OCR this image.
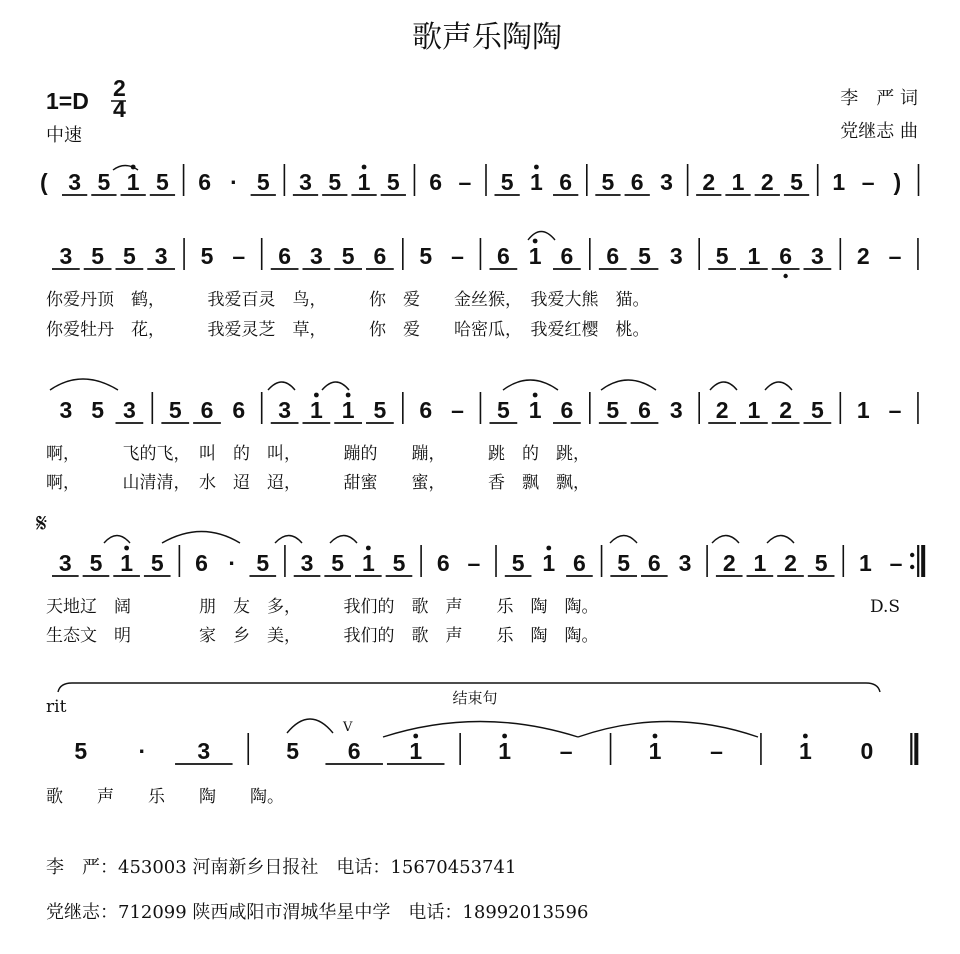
歌声乐陶陶
1=D 2
4
中速
李　严 词
党继志 曲
( 3 5 1 5 6 · 5 3 5 1 5 6 – 5 1 6 5 6 3 2 1 2 5 1 – )
3 5 5 3 5 – 6 3 5 6 5 – 6 1 6 6 5 3 5 1 6 3 2 –
3 5 3 5 6 6 3 1 1 5 6 – 5 1 6 5 6 3 2 1 2 5 1 –
3 5 1 5 6 · 5 3 5 1 5 6 – 5 1 6 5 6 3 2 1 2 5 1 –
5 · 3	5 6 1	1 –	1 –	1 0
你爱丹顶　鹤，　　　我爱百灵　鸟，　　　你　爱　　金丝猴，　我爱大熊　猫。
你爱牡丹　花，　　　我爱灵芝　草，　　　你　爱　　哈密瓜，　我爱红樱　桃。
啊，　　　飞的飞，　叫　的　叫，　　　蹦的　　蹦，　　　跳　的　跳，
啊，　　　山清清，　水　迢　迢，　　　甜蜜　　蜜，　　　香　飘　飘，
天地辽　阔　　　　朋　友　多，　　　我们的　歌　声　　乐　陶　陶。
生态文　明　　　　家　乡　美，　　　我们的　歌　声　　乐　陶　陶。
D.S
歌　　声　　乐　　陶　　陶。
𝄋
rit	结束句
V
李　严：453003 河南新乡日报社　电话：15670453741
党继志：712099 陕西咸阳市渭城华星中学　电话：18992013596
